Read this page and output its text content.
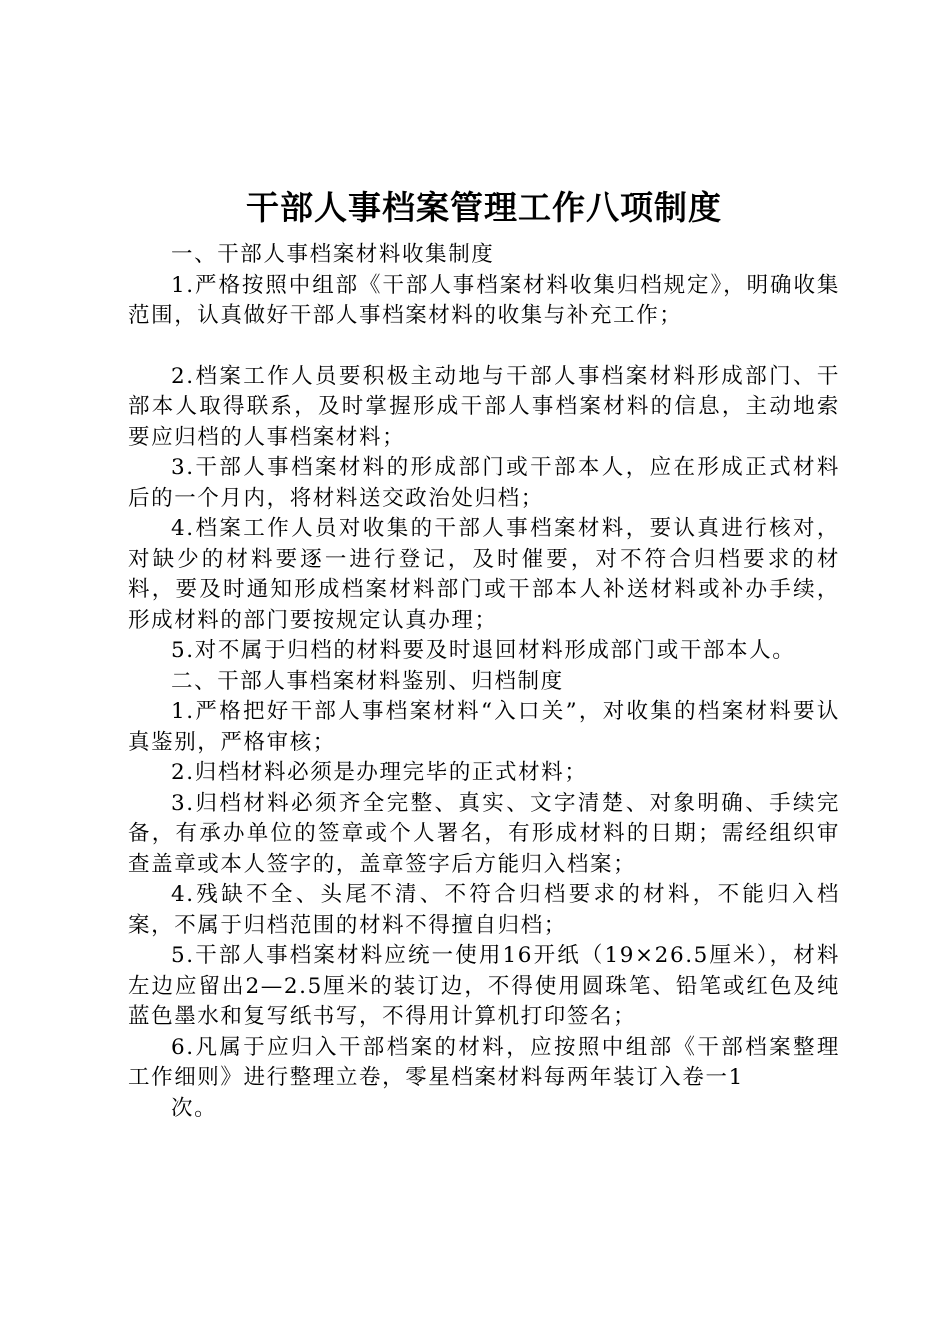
干部人事档案管理工作八项制度

一、干部人事档案材料收集制度

1.严格按照中组部《干部人事档案材料收集归档规定》，明确收集范围，认真做好干部人事档案材料的收集与补充工作；

2.档案工作人员要积极主动地与干部人事档案材料形成部门、干部本人取得联系，及时掌握形成干部人事档案材料的信息，主动地索要应归档的人事档案材料；

3.干部人事档案材料的形成部门或干部本人，应在形成正式材料后的一个月内，将材料送交政治处归档；

4.档案工作人员对收集的干部人事档案材料，要认真进行核对，对缺少的材料要逐一进行登记，及时催要，对不符合归档要求的材料，要及时通知形成档案材料部门或干部本人补送材料或补办手续，形成材料的部门要按规定认真办理；

5.对不属于归档的材料要及时退回材料形成部门或干部本人。

二、干部人事档案材料鉴别、归档制度

1.严格把好干部人事档案材料“入口关”，对收集的档案材料要认真鉴别，严格审核；

2.归档材料必须是办理完毕的正式材料；

3.归档材料必须齐全完整、真实、文字清楚、对象明确、手续完备，有承办单位的签章或个人署名，有形成材料的日期；需经组织审查盖章或本人签字的，盖章签字后方能归入档案；

4.残缺不全、头尾不清、不符合归档要求的材料，不能归入档案，不属于归档范围的材料不得擅自归档；

5.干部人事档案材料应统一使用16开纸（19×26.5厘米），材料左边应留出2—2.5厘米的装订边，不得使用圆珠笔、铅笔或红色及纯蓝色墨水和复写纸书写，不得用计算机打印签名；

6.凡属于应归入干部档案的材料，应按照中组部《干部档案整理工作细则》进行整理立卷，零星档案材料每两年装订入卷一1

次。
